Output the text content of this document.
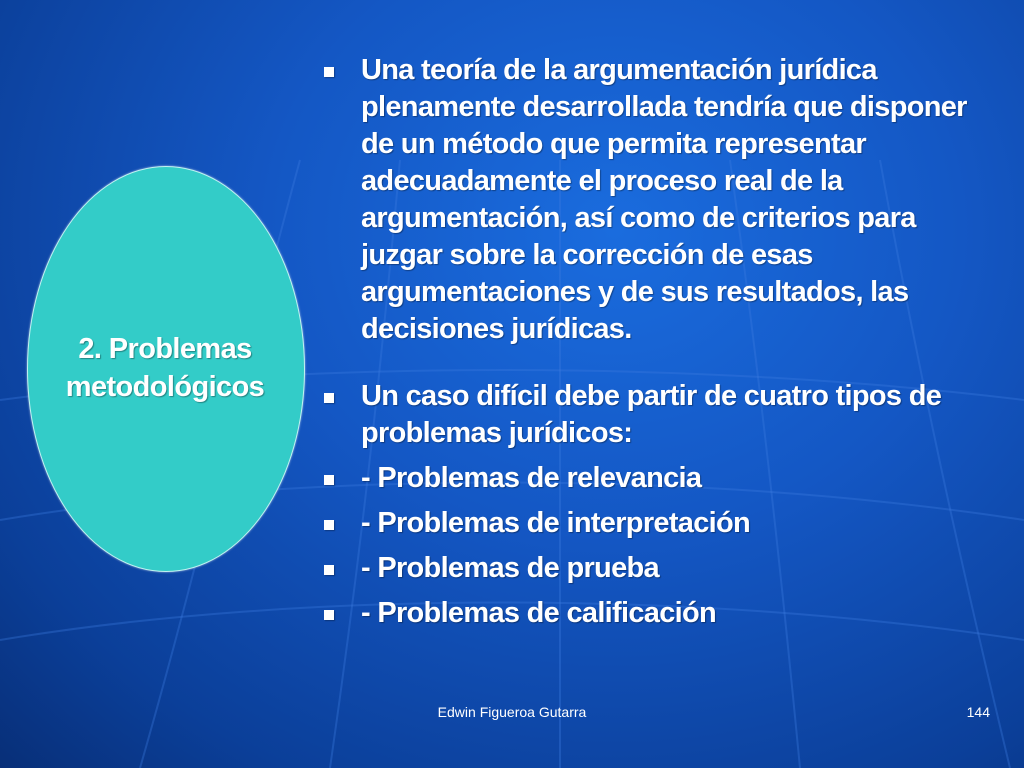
2. Problemas
metodológicos
Una teoría de la argumentación jurídica plenamente desarrollada tendría que disponer de un método que permita representar adecuadamente el proceso real de la argumentación, así como de criterios para juzgar sobre la corrección de esas argumentaciones y de sus resultados, las decisiones jurídicas.
Un caso difícil debe partir de cuatro tipos de problemas jurídicos:
- Problemas de relevancia
- Problemas de interpretación
- Problemas de prueba
- Problemas de calificación
Edwin Figueroa Gutarra	144
